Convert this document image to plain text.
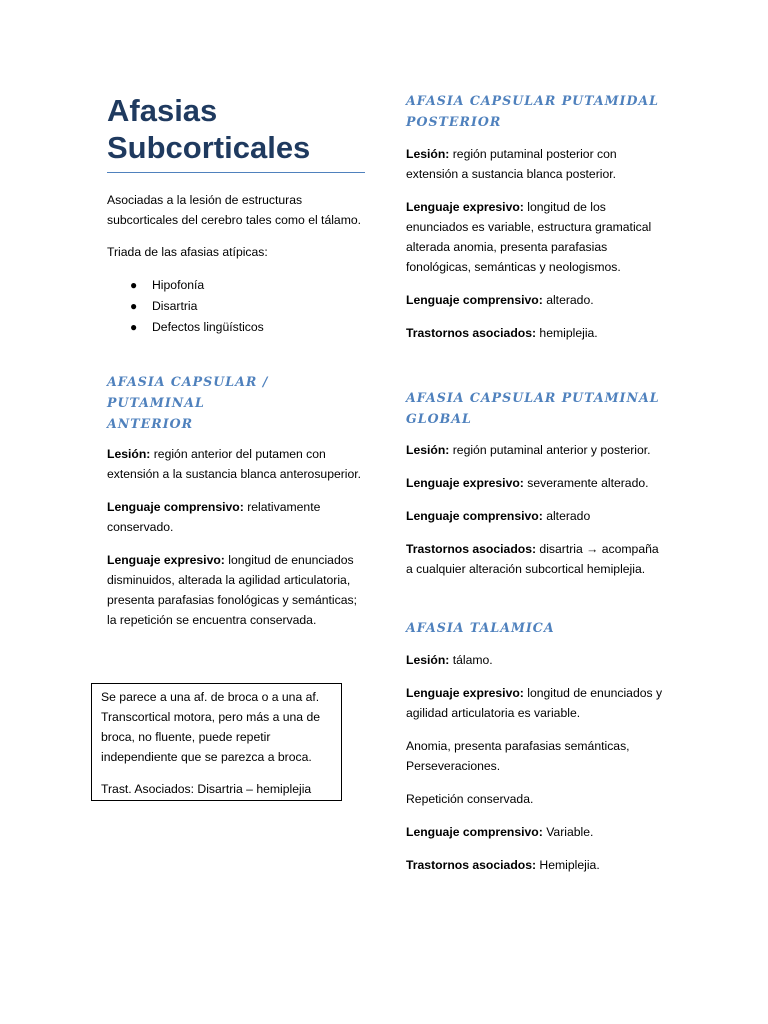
Afasias
Subcorticales

Asociadas a la lesión de estructuras subcorticales del cerebro tales como el tálamo.

Triada de las afasias atípicas:

● Hipofonía
● Disartria
● Defectos lingüísticos
AFASIA CAPSULAR / PUTAMINAL
ANTERIOR

Lesión: región anterior del putamen con extensión a la sustancia blanca anterosuperior.

Lenguaje comprensivo: relativamente conservado.

Lenguaje expresivo: longitud de enunciados disminuidos, alterada la agilidad articulatoria, presenta parafasias fonológicas y semánticas; la repetición se encuentra conservada.

Se parece a una af. de broca o a una af. Transcortical motora, pero más a una de broca, no fluente, puede repetir independiente que se parezca a broca.

Trast. Asociados: Disartria – hemiplejia

AFASIA CAPSULAR PUTAMIDAL
POSTERIOR

Lesión: región putaminal posterior con extensión a sustancia blanca posterior.

Lenguaje expresivo: longitud de los enunciados es variable, estructura gramatical alterada anomia, presenta parafasias fonológicas, semánticas y neologismos.

Lenguaje comprensivo: alterado.

Trastornos asociados: hemiplejia.

AFASIA CAPSULAR PUTAMINAL
GLOBAL

Lesión: región putaminal anterior y posterior.

Lenguaje expresivo: severamente alterado.

Lenguaje comprensivo: alterado

Trastornos asociados: disartria → acompaña a cualquier alteración subcortical hemiplejia.

AFASIA TALAMICA

Lesión: tálamo.

Lenguaje expresivo: longitud de enunciados y agilidad articulatoria es variable.

Anomia, presenta parafasias semánticas, Perseveraciones.

Repetición conservada.

Lenguaje comprensivo: Variable.

Trastornos asociados: Hemiplejia.
